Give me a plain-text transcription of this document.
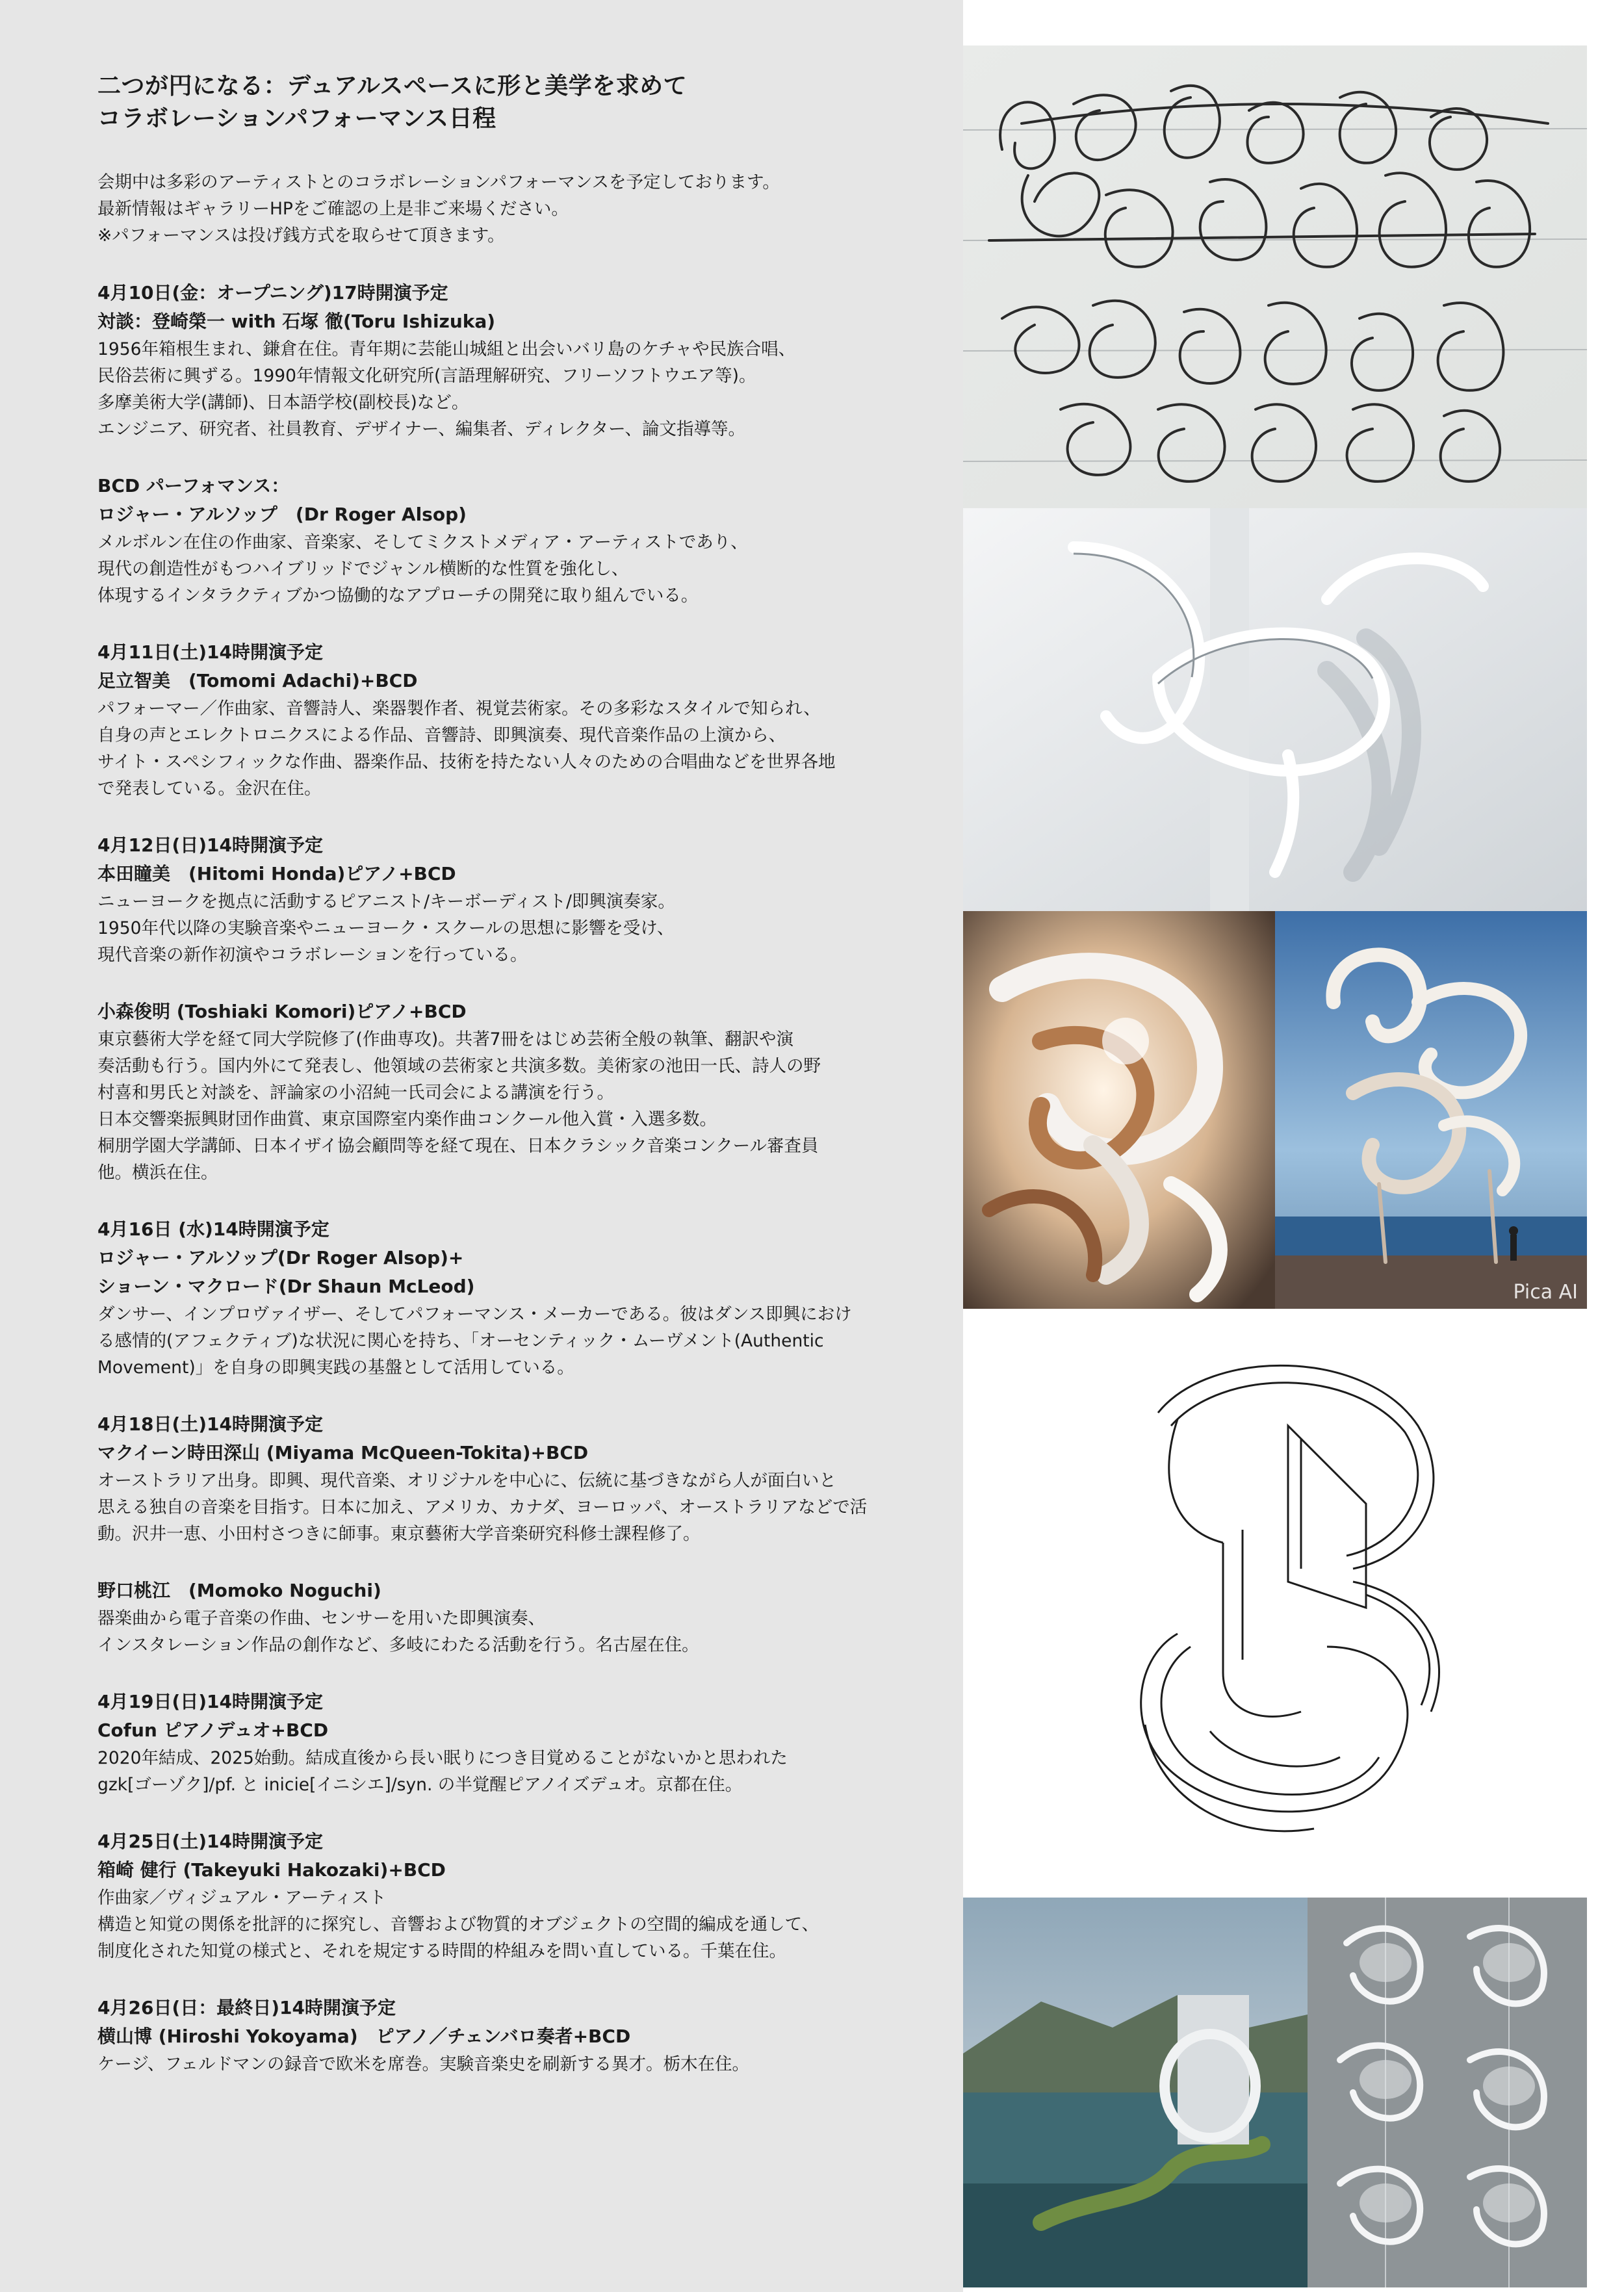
二つが円になる：デュアルスペースに形と美学を求めて
コラボレーションパフォーマンス日程
会期中は多彩のアーティストとのコラボレーションパフォーマンスを予定しております。
最新情報はギャラリーHPをご確認の上是非ご来場ください。
※パフォーマンスは投げ銭方式を取らせて頂きます。
4月10日(金：オープニング)17時開演予定
対談：登崎榮一 with 石塚 徹(Toru Ishizuka)
1956年箱根生まれ、鎌倉在住。青年期に芸能山城組と出会いバリ島のケチャや民族合唱、
民俗芸術に興ずる。1990年情報文化研究所(言語理解研究、フリーソフトウエア等)。
多摩美術大学(講師)、日本語学校(副校長)など。
エンジニア、研究者、社員教育、デザイナー、編集者、ディレクター、論文指導等。
BCD パーフォマンス：
ロジャー・アルソップ　(Dr Roger Alsop)
メルボルン在住の作曲家、音楽家、そしてミクストメディア・アーティストであり、
現代の創造性がもつハイブリッドでジャンル横断的な性質を強化し、
体現するインタラクティブかつ協働的なアプローチの開発に取り組んでいる。
4月11日(土)14時開演予定
足立智美　(Tomomi Adachi)+BCD
パフォーマー／作曲家、音響詩人、楽器製作者、視覚芸術家。その多彩なスタイルで知られ、
自身の声とエレクトロニクスによる作品、音響詩、即興演奏、現代音楽作品の上演から、
サイト・スペシフィックな作曲、器楽作品、技術を持たない人々のための合唱曲などを世界各地
で発表している。金沢在住。
4月12日(日)14時開演予定
本田瞳美　(Hitomi Honda)ピアノ+BCD
ニューヨークを拠点に活動するピアニスト/キーボーディスト/即興演奏家。
1950年代以降の実験音楽やニューヨーク・スクールの思想に影響を受け、
現代音楽の新作初演やコラボレーションを行っている。
小森俊明 (Toshiaki Komori)ピアノ+BCD
東京藝術大学を経て同大学院修了(作曲専攻)。共著7冊をはじめ芸術全般の執筆、翻訳や演
奏活動も行う。国内外にて発表し、他領域の芸術家と共演多数。美術家の池田一氏、詩人の野
村喜和男氏と対談を、評論家の小沼純一氏司会による講演を行う。
日本交響楽振興財団作曲賞、東京国際室内楽作曲コンクール他入賞・入選多数。
桐朋学園大学講師、日本イザイ協会顧問等を経て現在、日本クラシック音楽コンクール審査員
他。横浜在住。
4月16日 (水)14時開演予定
ロジャー・アルソップ(Dr Roger Alsop)+
ショーン・マクロード(Dr Shaun McLeod)
ダンサー、インプロヴァイザー、そしてパフォーマンス・メーカーである。彼はダンス即興におけ
る感情的(アフェクティブ)な状況に関心を持ち、「オーセンティック・ムーヴメント(Authentic
Movement)」を自身の即興実践の基盤として活用している。
4月18日(土)14時開演予定
マクイーン時田深山 (Miyama McQueen-Tokita)+BCD
オーストラリア出身。即興、現代音楽、オリジナルを中心に、伝統に基づきながら人が面白いと
思える独自の音楽を目指す。日本に加え、アメリカ、カナダ、ヨーロッパ、オーストラリアなどで活
動。沢井一恵、小田村さつきに師事。東京藝術大学音楽研究科修士課程修了。
野口桃江　(Momoko Noguchi)
器楽曲から電子音楽の作曲、センサーを用いた即興演奏、
インスタレーション作品の創作など、多岐にわたる活動を行う。名古屋在住。
4月19日(日)14時開演予定
Cofun ピアノデュオ+BCD
2020年結成、2025始動。結成直後から長い眠りにつき目覚めることがないかと思われた
gzk[ゴーゾク]/pf. と inicie[イニシエ]/syn. の半覚醒ピアノイズデュオ。京都在住。
4月25日(土)14時開演予定
箱崎 健行 (Takeyuki Hakozaki)+BCD
作曲家／ヴィジュアル・アーティスト
構造と知覚の関係を批評的に探究し、音響および物質的オブジェクトの空間的編成を通して、
制度化された知覚の様式と、それを規定する時間的枠組みを問い直している。千葉在住。
4月26日(日：最終日)14時開演予定
横山博 (Hiroshi Yokoyama)　ピアノ／チェンバロ奏者+BCD
ケージ、フェルドマンの録音で欧米を席巻。実験音楽史を刷新する異才。栃木在住。
Pica AI
